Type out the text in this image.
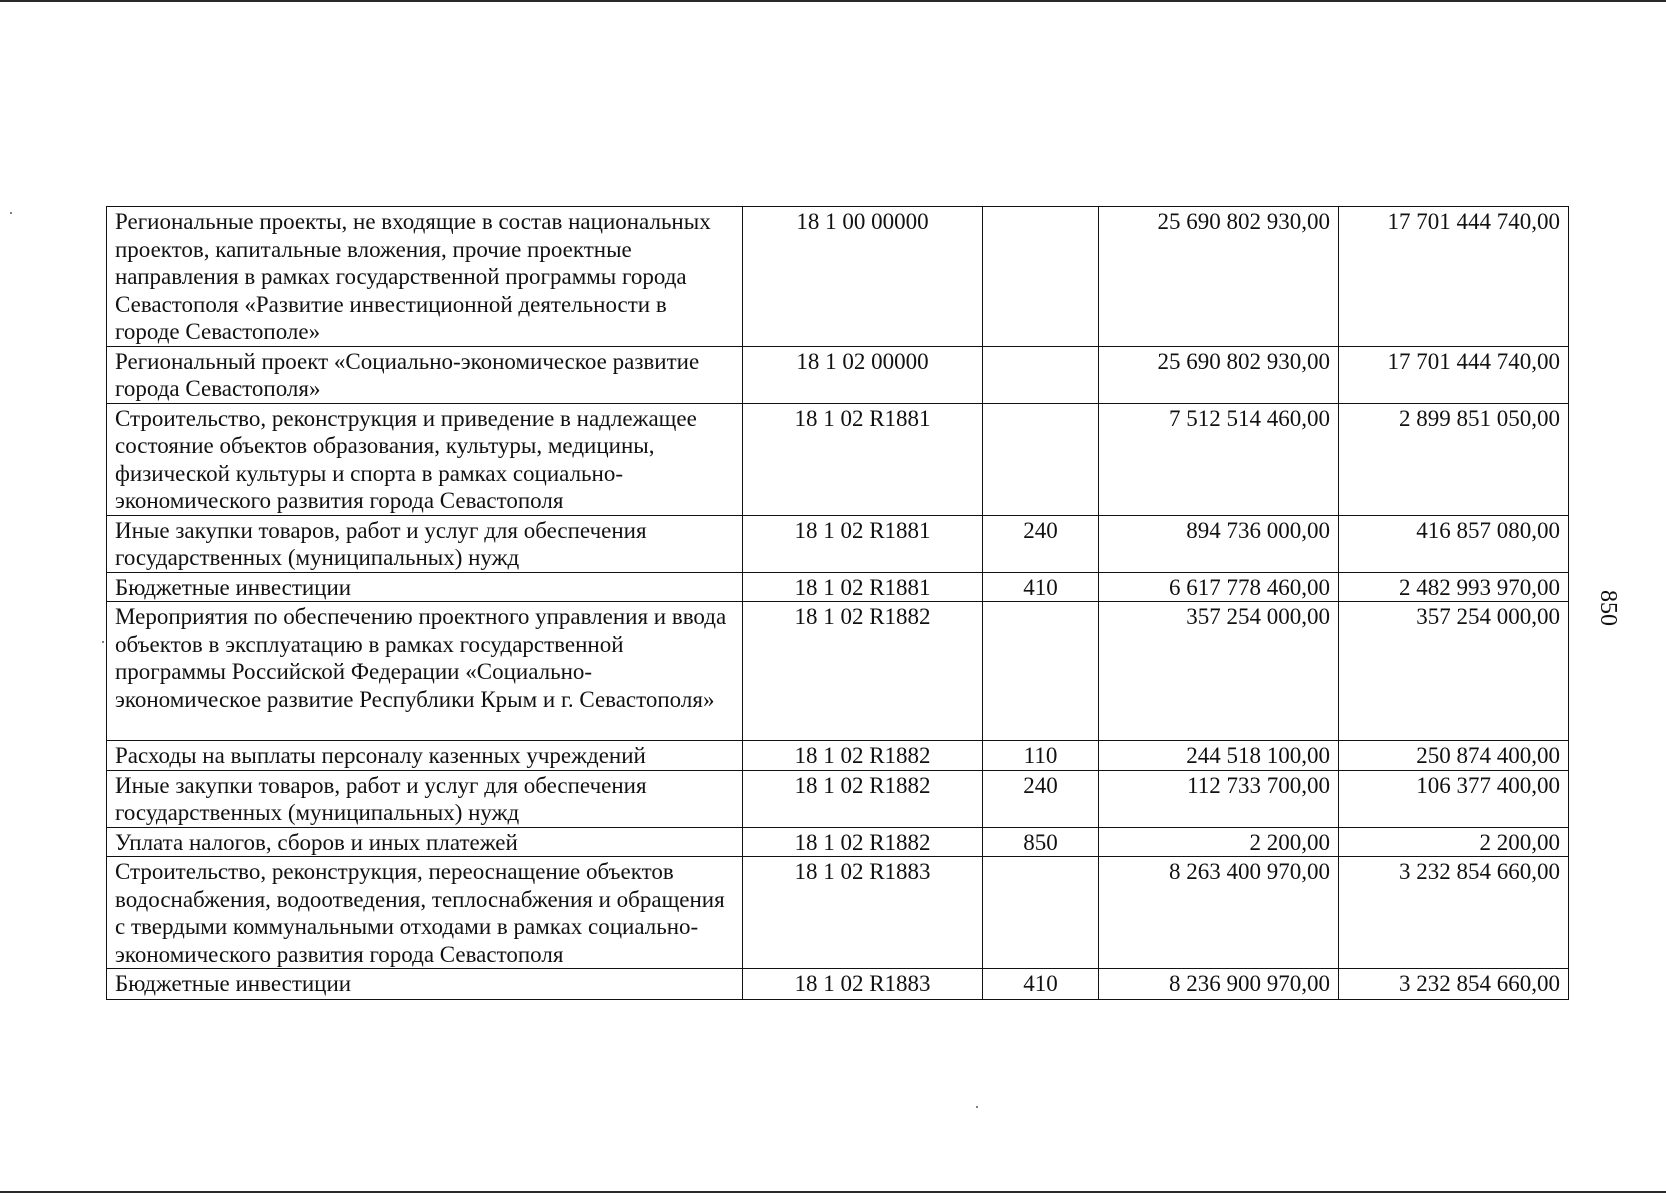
Региональные проекты, не входящие в состав национальных проектов, капитальные вложения, прочие проектные направления в рамках государственной программы города Севастополя «Развитие инвестиционной деятельности в городе Севастополе»	18 1 00 00000		25 690 802 930,00	17 701 444 740,00
Региональный проект «Социально-экономическое развитие города Севастополя»	18 1 02 00000		25 690 802 930,00	17 701 444 740,00
Строительство, реконструкция и приведение в надлежащее состояние объектов образования, культуры, медицины, физической культуры и спорта в рамках социально-экономического развития города Севастополя	18 1 02 R1881		7 512 514 460,00	2 899 851 050,00
Иные закупки товаров, работ и услуг для обеспечения государственных (муниципальных) нужд	18 1 02 R1881	240	894 736 000,00	416 857 080,00
Бюджетные инвестиции	18 1 02 R1881	410	6 617 778 460,00	2 482 993 970,00
Мероприятия по обеспечению проектного управления и ввода объектов в эксплуатацию в рамках государственной программы Российской Федерации «Социально-экономическое развитие Республики Крым и г. Севастополя»	18 1 02 R1882		357 254 000,00	357 254 000,00
Расходы на выплаты персоналу казенных учреждений	18 1 02 R1882	110	244 518 100,00	250 874 400,00
Иные закупки товаров, работ и услуг для обеспечения государственных (муниципальных) нужд	18 1 02 R1882	240	112 733 700,00	106 377 400,00
Уплата налогов, сборов и иных платежей	18 1 02 R1882	850	2 200,00	2 200,00
Строительство, реконструкция, переоснащение объектов водоснабжения, водоотведения, теплоснабжения и обращения с твердыми коммунальными отходами в рамках социально-экономического развития города Севастополя	18 1 02 R1883		8 263 400 970,00	3 232 854 660,00
Бюджетные инвестиции	18 1 02 R1883	410	8 236 900 970,00	3 232 854 660,00
850
